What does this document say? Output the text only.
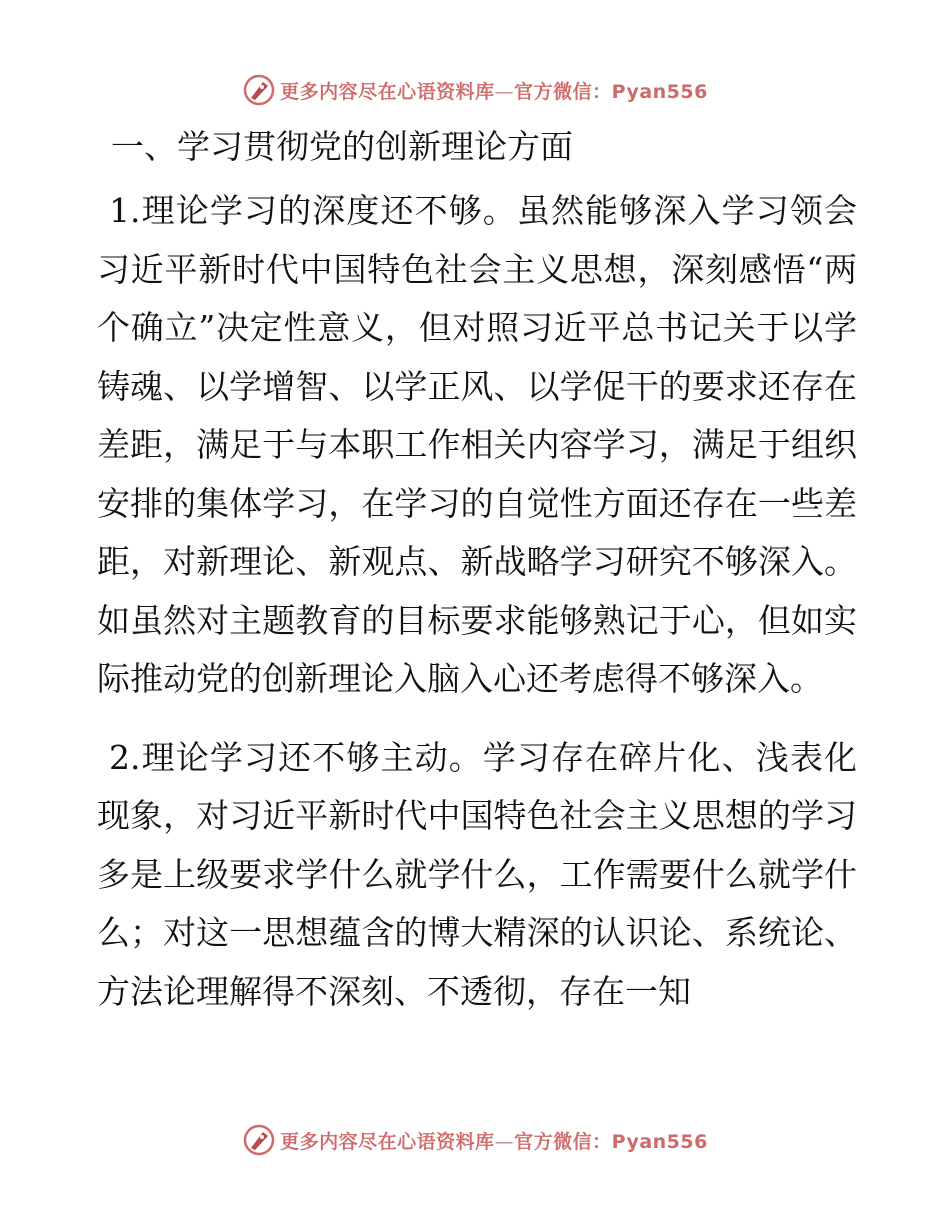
更多内容尽在心语资料库—官方微信：Pyan556
一、学习贯彻党的创新理论方面

1.理论学习的深度还不够。虽然能够深入学习领会习近平新时代中国特色社会主义思想，深刻感悟“两个确立”决定性意义，但对照习近平总书记关于以学铸魂、以学增智、以学正风、以学促干的要求还存在差距，满足于与本职工作相关内容学习，满足于组织安排的集体学习，在学习的自觉性方面还存在一些差距，对新理论、新观点、新战略学习研究不够深入。如虽然对主题教育的目标要求能够熟记于心，但如实际推动党的创新理论入脑入心还考虑得不够深入。

2.理论学习还不够主动。学习存在碎片化、浅表化现象，对习近平新时代中国特色社会主义思想的学习多是上级要求学什么就学什么，工作需要什么就学什么；对这一思想蕴含的博大精深的认识论、系统论、方法论理解得不深刻、不透彻，存在一知

更多内容尽在心语资料库—官方微信：Pyan556
